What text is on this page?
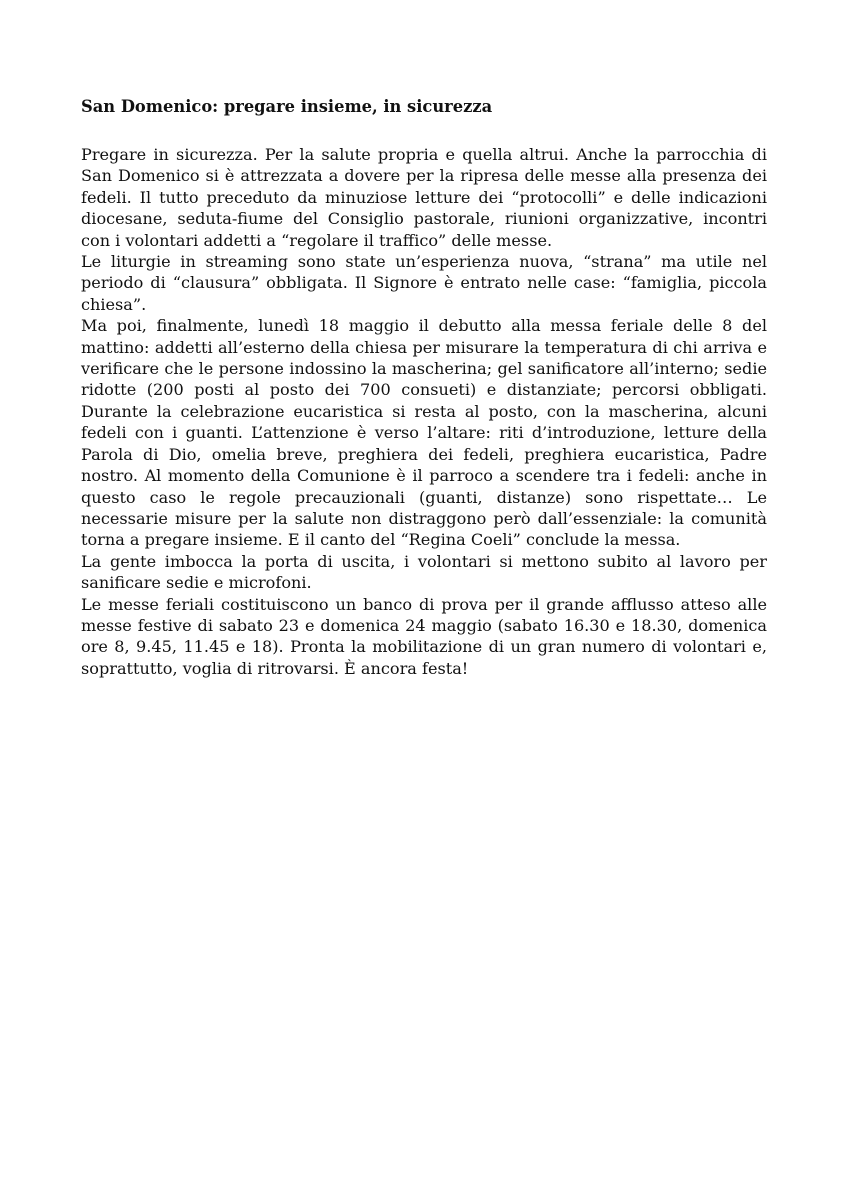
San Domenico: pregare insieme, in sicurezza

Pregare in sicurezza. Per la salute propria e quella altrui. Anche la parrocchia di San Domenico si è attrezzata a dovere per la ripresa delle messe alla presenza dei fedeli. Il tutto preceduto da minuziose letture dei “protocolli” e delle indicazioni diocesane, seduta-fiume del Consiglio pastorale, riunioni organizzative, incontri con i volontari addetti a “regolare il traffico” delle messe.

Le liturgie in streaming sono state un’esperienza nuova, “strana” ma utile nel periodo di “clausura” obbligata. Il Signore è entrato nelle case: “famiglia, piccola chiesa”.

Ma poi, finalmente, lunedì 18 maggio il debutto alla messa feriale delle 8 del mattino: addetti all’esterno della chiesa per misurare la temperatura di chi arriva e verificare che le persone indossino la mascherina; gel sanificatore all’interno; sedie ridotte (200 posti al posto dei 700 consueti) e distanziate; percorsi obbligati. Durante la celebrazione eucaristica si resta al posto, con la mascherina, alcuni fedeli con i guanti. L’attenzione è verso l’altare: riti d’introduzione, letture della Parola di Dio, omelia breve, preghiera dei fedeli, preghiera eucaristica, Padre nostro. Al momento della Comunione è il parroco a scendere tra i fedeli: anche in questo caso le regole precauzionali (guanti, distanze) sono rispettate… Le necessarie misure per la salute non distraggono però dall’essenziale: la comunità torna a pregare insieme. E il canto del “Regina Coeli” conclude la messa.

La gente imbocca la porta di uscita, i volontari si mettono subito al lavoro per sanificare sedie e microfoni.

Le messe feriali costituiscono un banco di prova per il grande afflusso atteso alle messe festive di sabato 23 e domenica 24 maggio (sabato 16.30 e 18.30, domenica ore 8, 9.45, 11.45 e 18). Pronta la mobilitazione di un gran numero di volontari e, soprattutto, voglia di ritrovarsi. È ancora festa!
